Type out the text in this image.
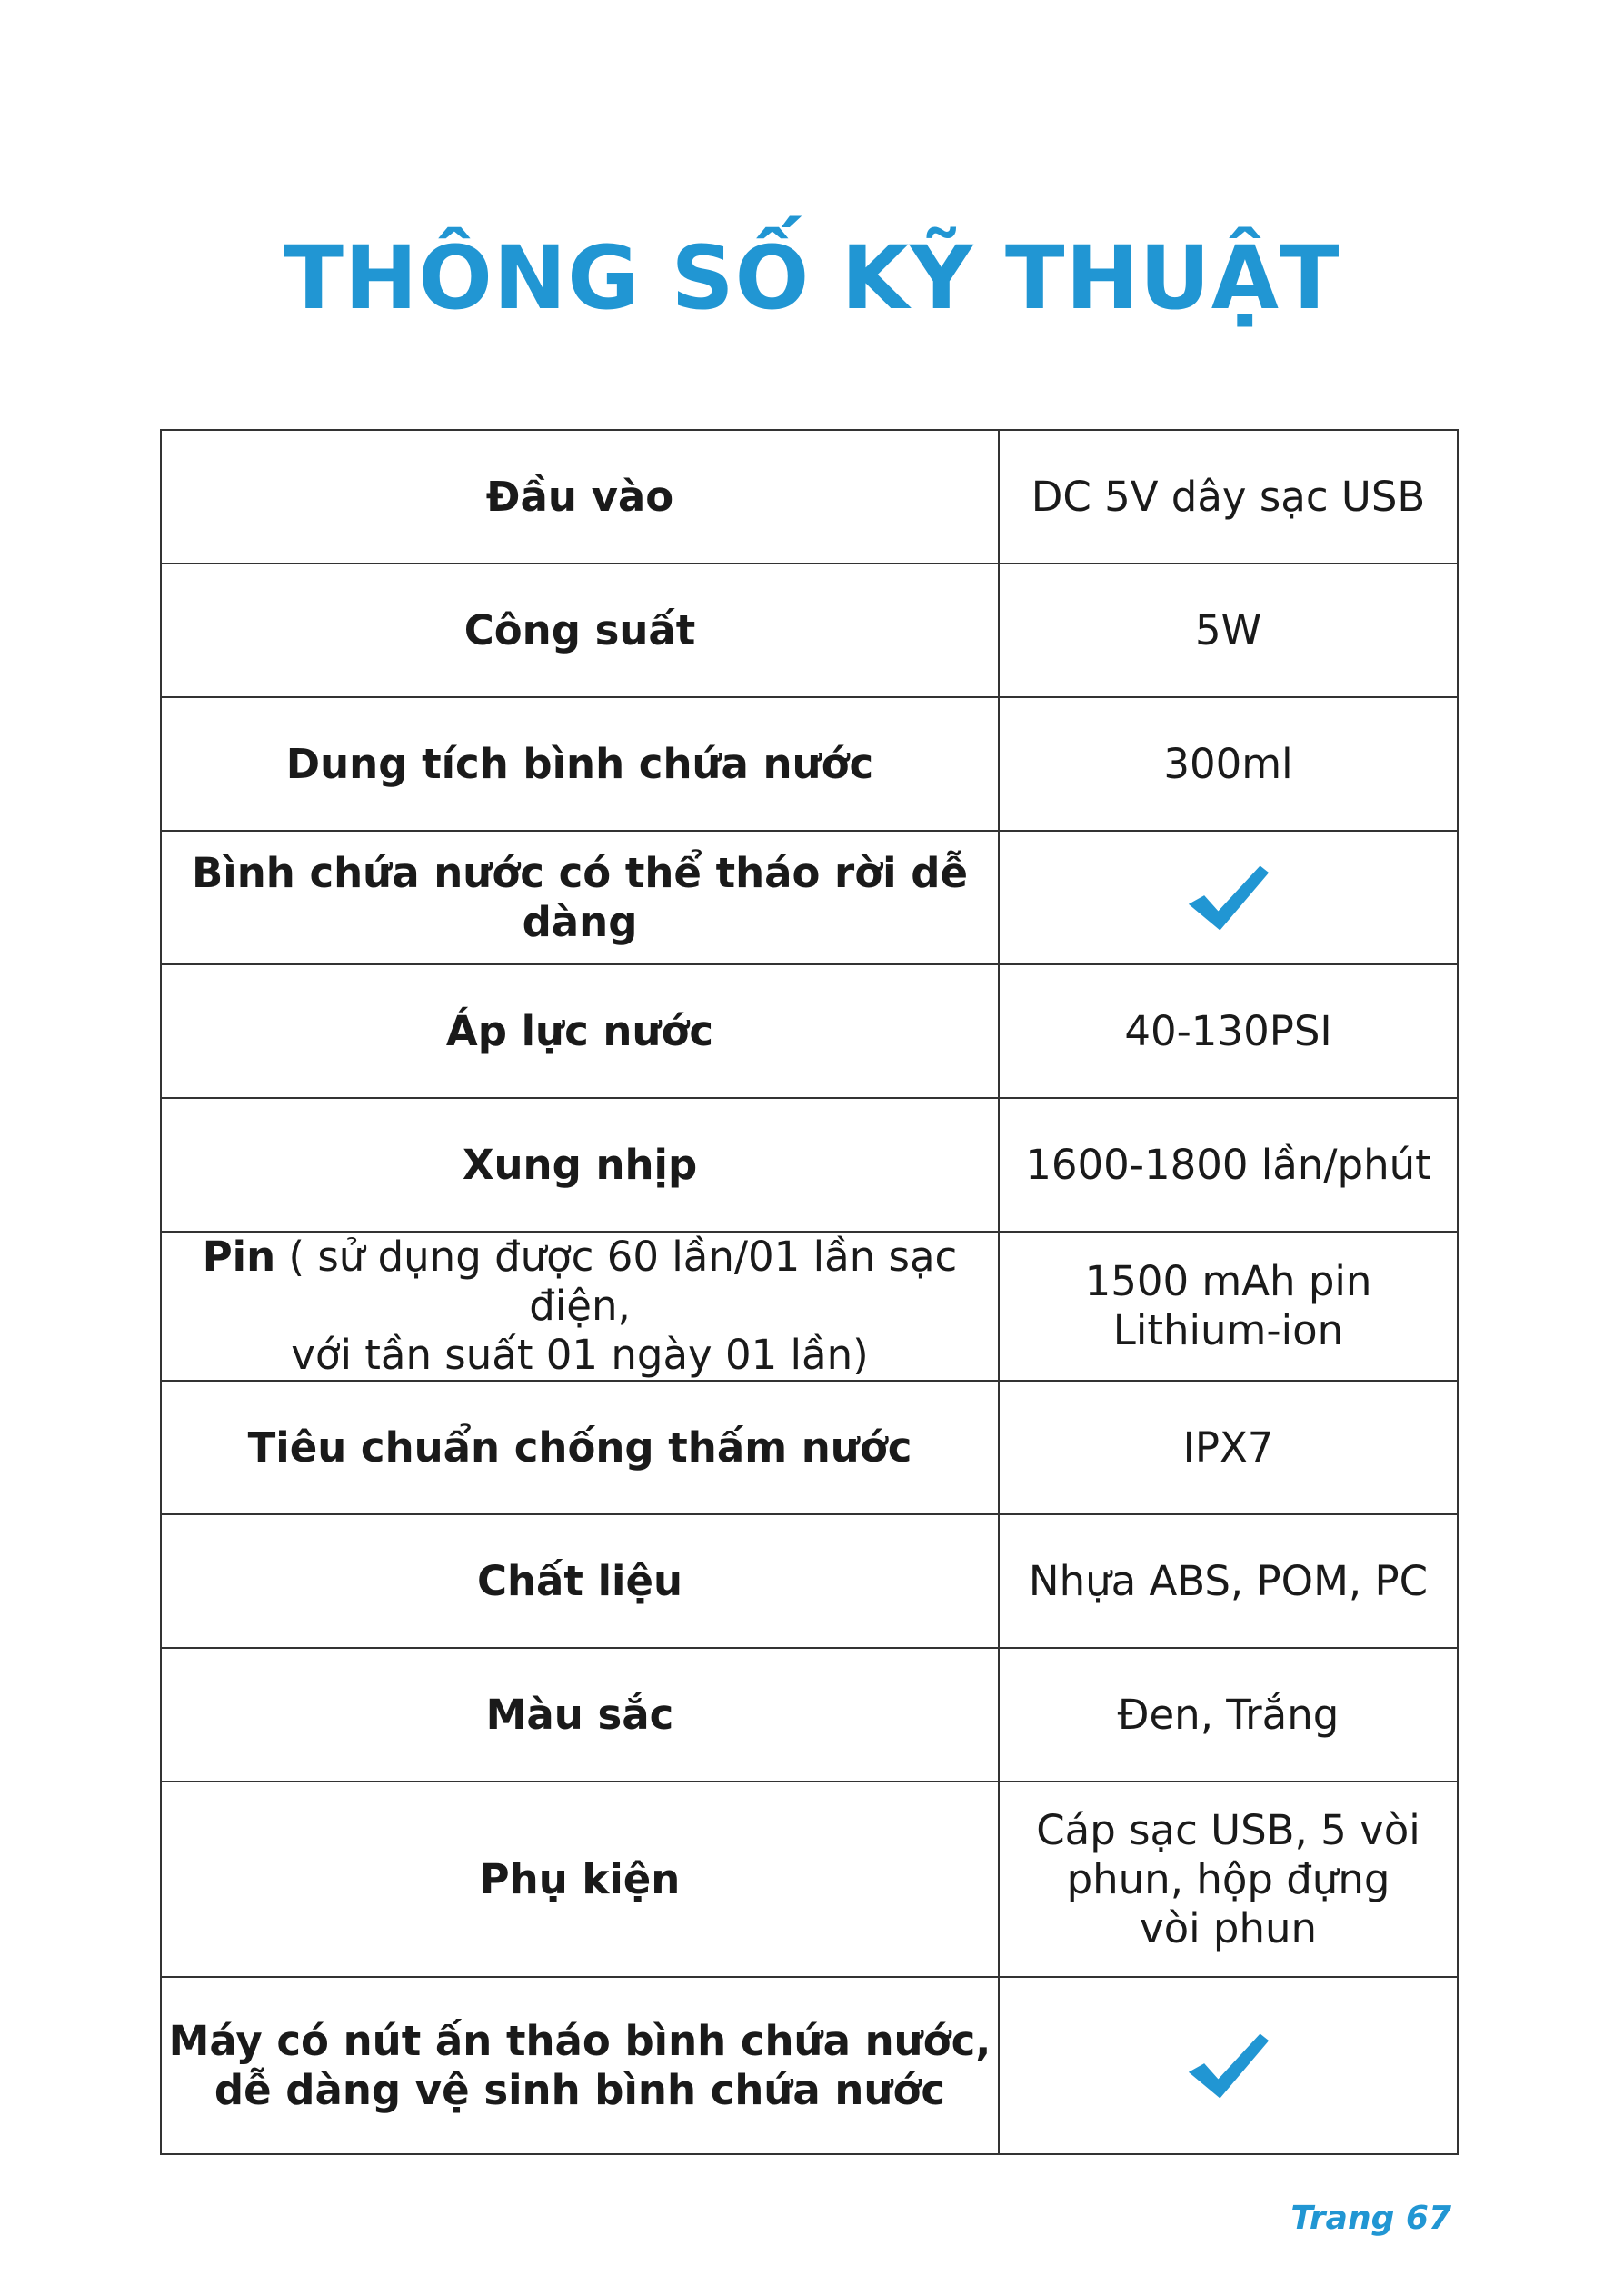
THÔNG SỐ KỸ THUẬT
Đầu vào	DC 5V dây sạc USB
Công suất	5W
Dung tích bình chứa nước	300ml
Bình chứa nước có thể tháo rời dễ dàng	
Áp lực nước	40-130PSI
Xung nhịp	1600-1800 lần/phút
Pin ( sử dụng được 60 lần/01 lần sạc điện,
với tần suất 01 ngày 01 lần)	1500 mAh pin
Lithium-ion
Tiêu chuẩn chống thấm nước	IPX7
Chất liệu	Nhựa ABS, POM, PC
Màu sắc	Đen, Trắng
Phụ kiện	Cáp sạc USB, 5 vòi
phun, hộp đựng
vòi phun
Máy có nút ấn tháo bình chứa nước,
dễ dàng vệ sinh bình chứa nước	
Trang 67
